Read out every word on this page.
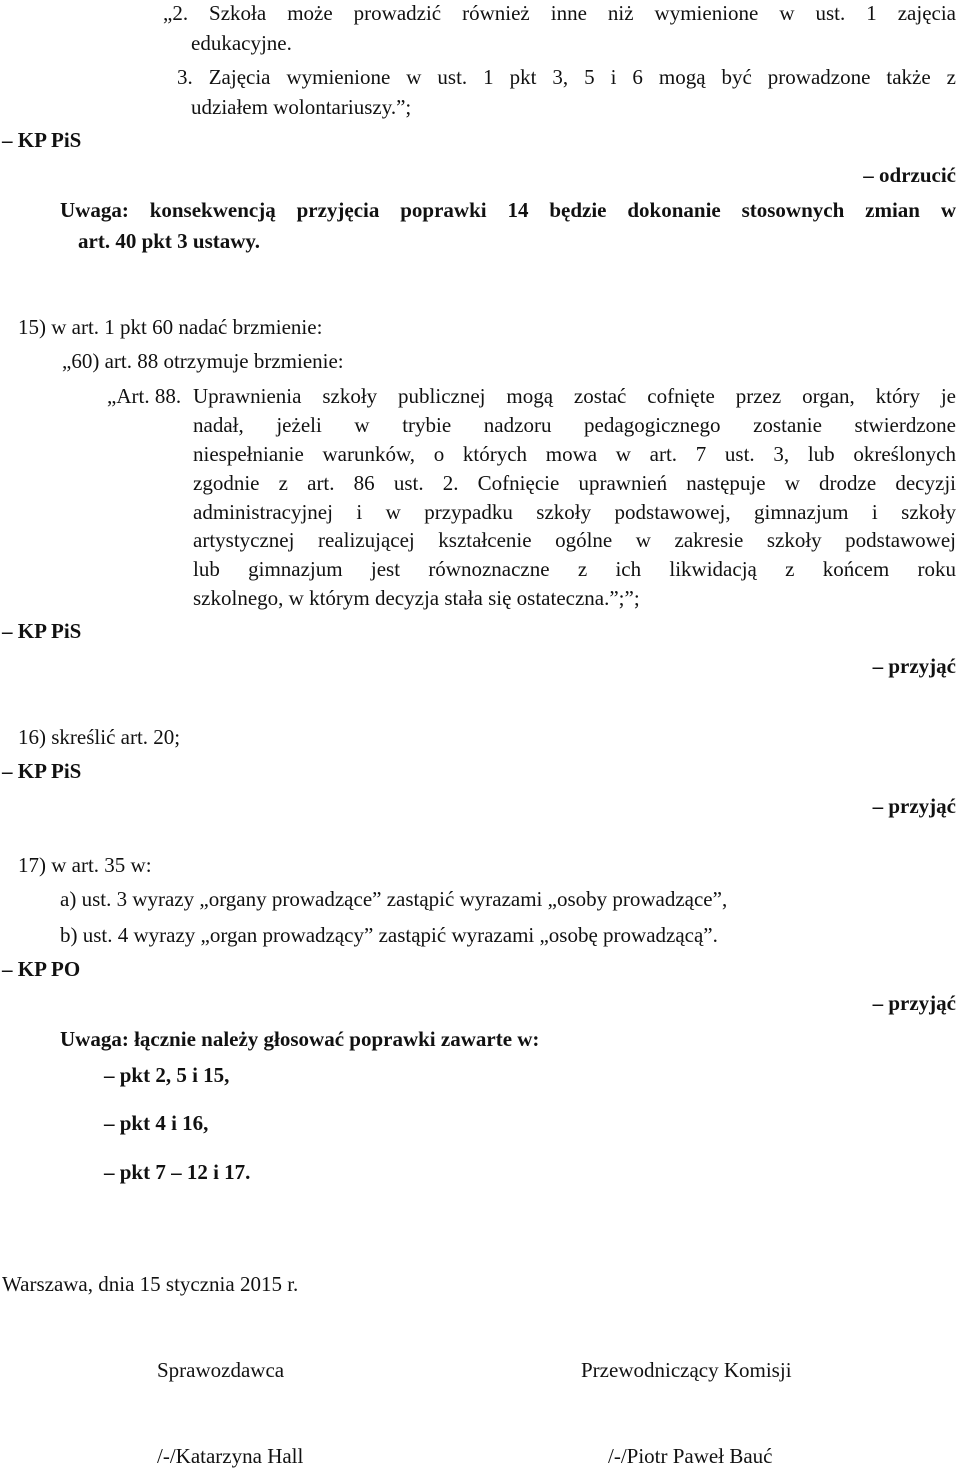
„2. Szkoła może prowadzić również inne niż wymienione w ust. 1 zajęcia
edukacyjne.
3. Zajęcia wymienione w ust. 1 pkt 3, 5 i 6 mogą być prowadzone także z
udziałem wolontariuszy.”;
– KP PiS
– odrzucić
Uwaga: konsekwencją przyjęcia poprawki 14 będzie dokonanie stosownych zmian w
art. 40 pkt 3 ustawy.
15) w art. 1 pkt 60 nadać brzmienie:
„60) art. 88 otrzymuje brzmienie:
„Art. 88. Uprawnienia szkoły publicznej mogą zostać cofnięte przez organ, który je
nadał, jeżeli w trybie nadzoru pedagogicznego zostanie stwierdzone
niespełnianie warunków, o których mowa w art. 7 ust. 3, lub określonych
zgodnie z art. 86 ust. 2. Cofnięcie uprawnień następuje w drodze decyzji
administracyjnej i w przypadku szkoły podstawowej, gimnazjum i szkoły
artystycznej realizującej kształcenie ogólne w zakresie szkoły podstawowej
lub gimnazjum jest równoznaczne z ich likwidacją z końcem roku
szkolnego, w którym decyzja stała się ostateczna.”;”;
– KP PiS
– przyjąć
16) skreślić art. 20;
– KP PiS
– przyjąć
17) w art. 35 w:
a) ust. 3 wyrazy „organy prowadzące” zastąpić wyrazami „osoby prowadzące”,
b) ust. 4 wyrazy „organ prowadzący” zastąpić wyrazami „osobę prowadzącą”.
– KP PO
– przyjąć
Uwaga: łącznie należy głosować poprawki zawarte w:
– pkt 2, 5 i 15,
– pkt 4 i 16,
– pkt 7 – 12 i 17.
Warszawa, dnia 15 stycznia 2015 r.
Sprawozdawca	Przewodniczący Komisji
/-/Katarzyna Hall	/-/Piotr Paweł Bauć
